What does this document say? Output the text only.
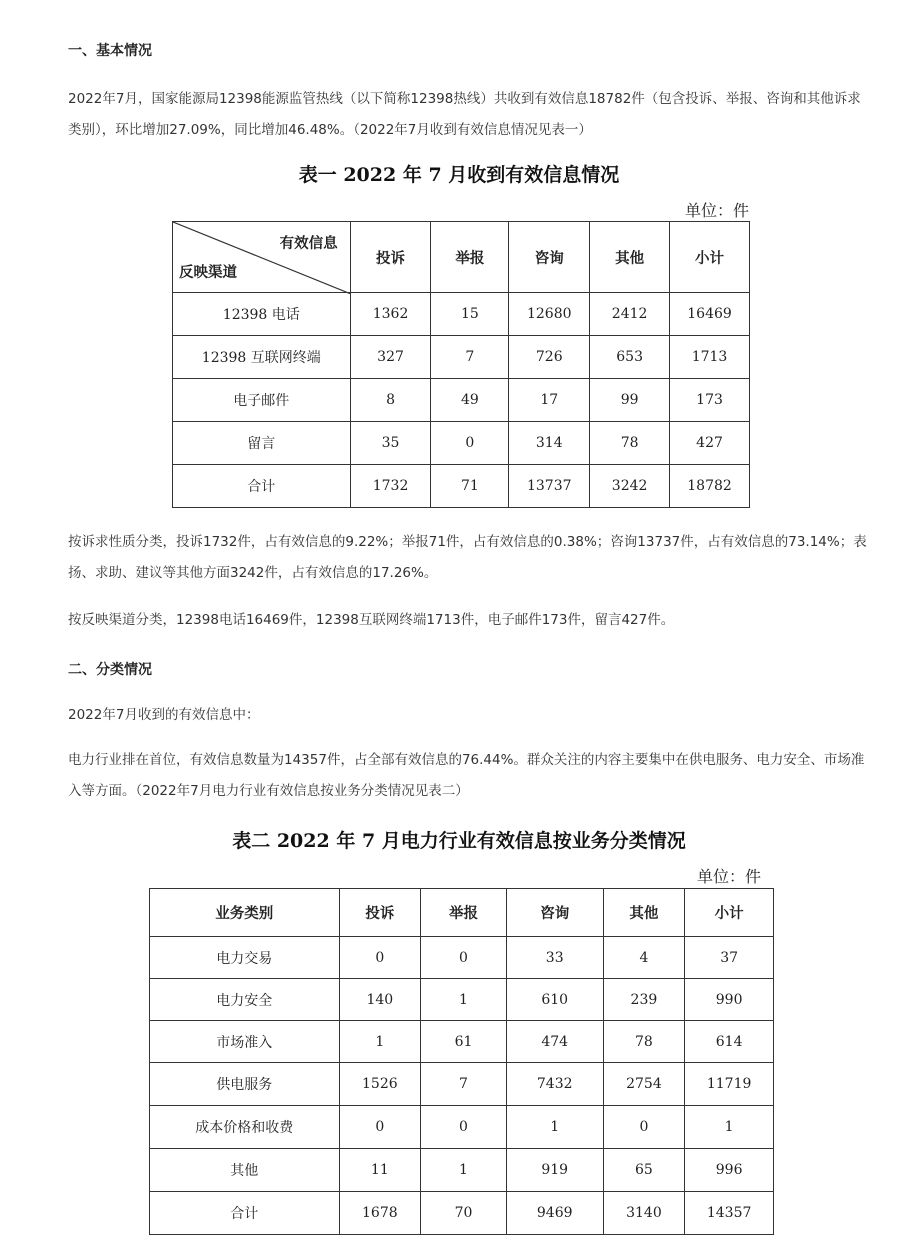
一、基本情况
2022年7月，国家能源局12398能源监管热线（以下简称12398热线）共收到有效信息18782件（包含投诉、举报、咨询和其他诉求类别），环比增加27.09%，同比增加46.48%。（2022年7月收到有效信息情况见表一）
表一 2022 年 7 月收到有效信息情况
单位：件
有效信息
反映渠道	投诉	举报	咨询	其他	小计
12398 电话	1362	15	12680	2412	16469
12398 互联网终端	327	7	726	653	1713
电子邮件	8	49	17	99	173
留言	35	0	314	78	427
合计	1732	71	13737	3242	18782
按诉求性质分类，投诉1732件，占有效信息的9.22%；举报71件，占有效信息的0.38%；咨询13737件，占有效信息的73.14%；表扬、求助、建议等其他方面3242件，占有效信息的17.26%。
按反映渠道分类，12398电话16469件，12398互联网终端1713件，电子邮件173件，留言427件。
二、分类情况
2022年7月收到的有效信息中：
电力行业排在首位，有效信息数量为14357件，占全部有效信息的76.44%。群众关注的内容主要集中在供电服务、电力安全、市场准入等方面。（2022年7月电力行业有效信息按业务分类情况见表二）
表二 2022 年 7 月电力行业有效信息按业务分类情况
单位：件
业务类别	投诉	举报	咨询	其他	小计
电力交易	0	0	33	4	37
电力安全	140	1	610	239	990
市场准入	1	61	474	78	614
供电服务	1526	7	7432	2754	11719
成本价格和收费	0	0	1	0	1
其他	11	1	919	65	996
合计	1678	70	9469	3140	14357
